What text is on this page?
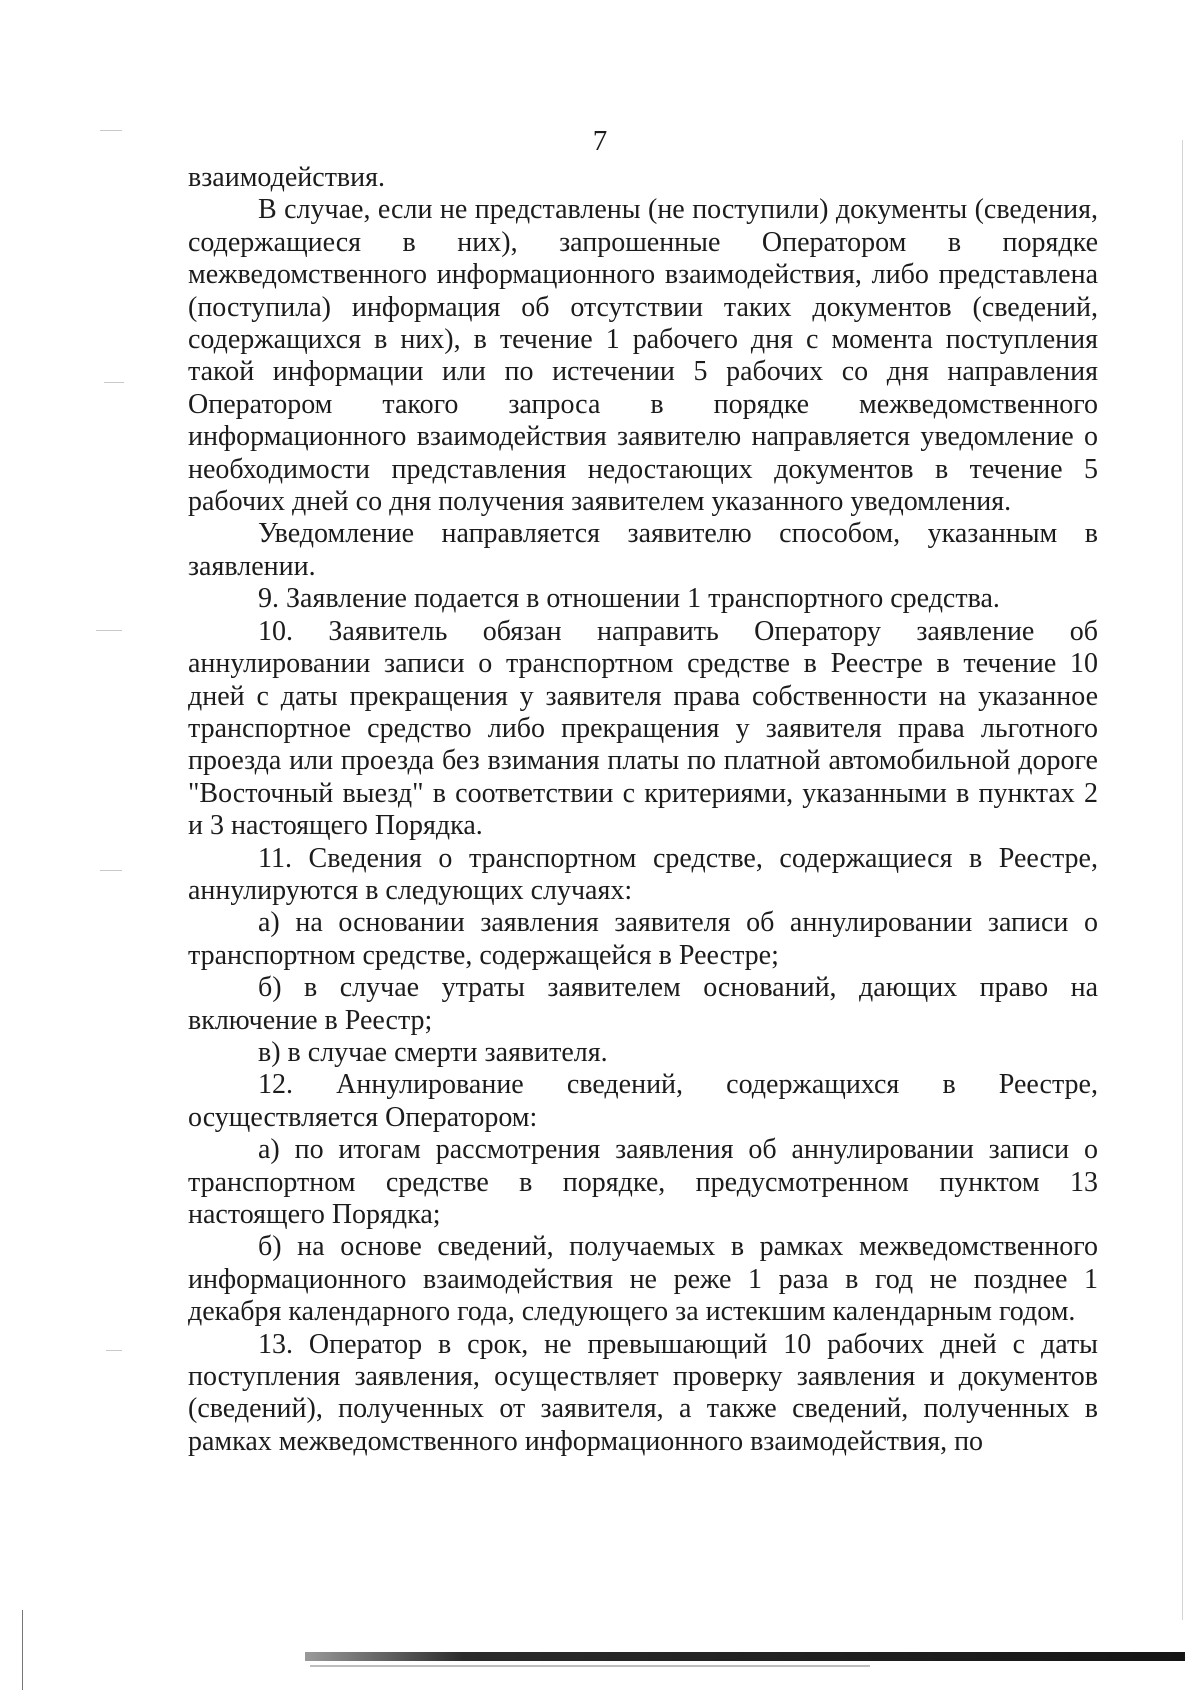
7

взаимодействия.

В случае, если не представлены (не поступили) документы (сведения, содержащиеся в них), запрошенные Оператором в порядке межведомственного информационного взаимодействия, либо представлена (поступила) информация об отсутствии таких документов (сведений, содержащихся в них), в течение 1 рабочего дня с момента поступления такой информации или по истечении 5 рабочих со дня направления Оператором такого запроса в порядке межведомственного информационного взаимодействия заявителю направляется уведомление о необходимости представления недостающих документов в течение 5 рабочих дней со дня получения заявителем указанного уведомления.

Уведомление направляется заявителю способом, указанным в заявлении.

9. Заявление подается в отношении 1 транспортного средства.

10. Заявитель обязан направить Оператору заявление об аннулировании записи о транспортном средстве в Реестре в течение 10 дней с даты прекращения у заявителя права собственности на указанное транспортное средство либо прекращения у заявителя права льготного проезда или проезда без взимания платы по платной автомобильной дороге "Восточный выезд" в соответствии с критериями, указанными в пунктах 2 и 3 настоящего Порядка.

11. Сведения о транспортном средстве, содержащиеся в Реестре, аннулируются в следующих случаях:

а) на основании заявления заявителя об аннулировании записи о транспортном средстве, содержащейся в Реестре;

б) в случае утраты заявителем оснований, дающих право на включение в Реестр;

в) в случае смерти заявителя.

12. Аннулирование сведений, содержащихся в Реестре, осуществляется Оператором:

а) по итогам рассмотрения заявления об аннулировании записи о транспортном средстве в порядке, предусмотренном пунктом 13 настоящего Порядка;

б) на основе сведений, получаемых в рамках межведомственного информационного взаимодействия не реже 1 раза в год не позднее 1 декабря календарного года, следующего за истекшим календарным годом.

13. Оператор в срок, не превышающий 10 рабочих дней с даты поступления заявления, осуществляет проверку заявления и документов (сведений), полученных от заявителя, а также сведений, полученных в рамках межведомственного информационного взаимодействия, по
